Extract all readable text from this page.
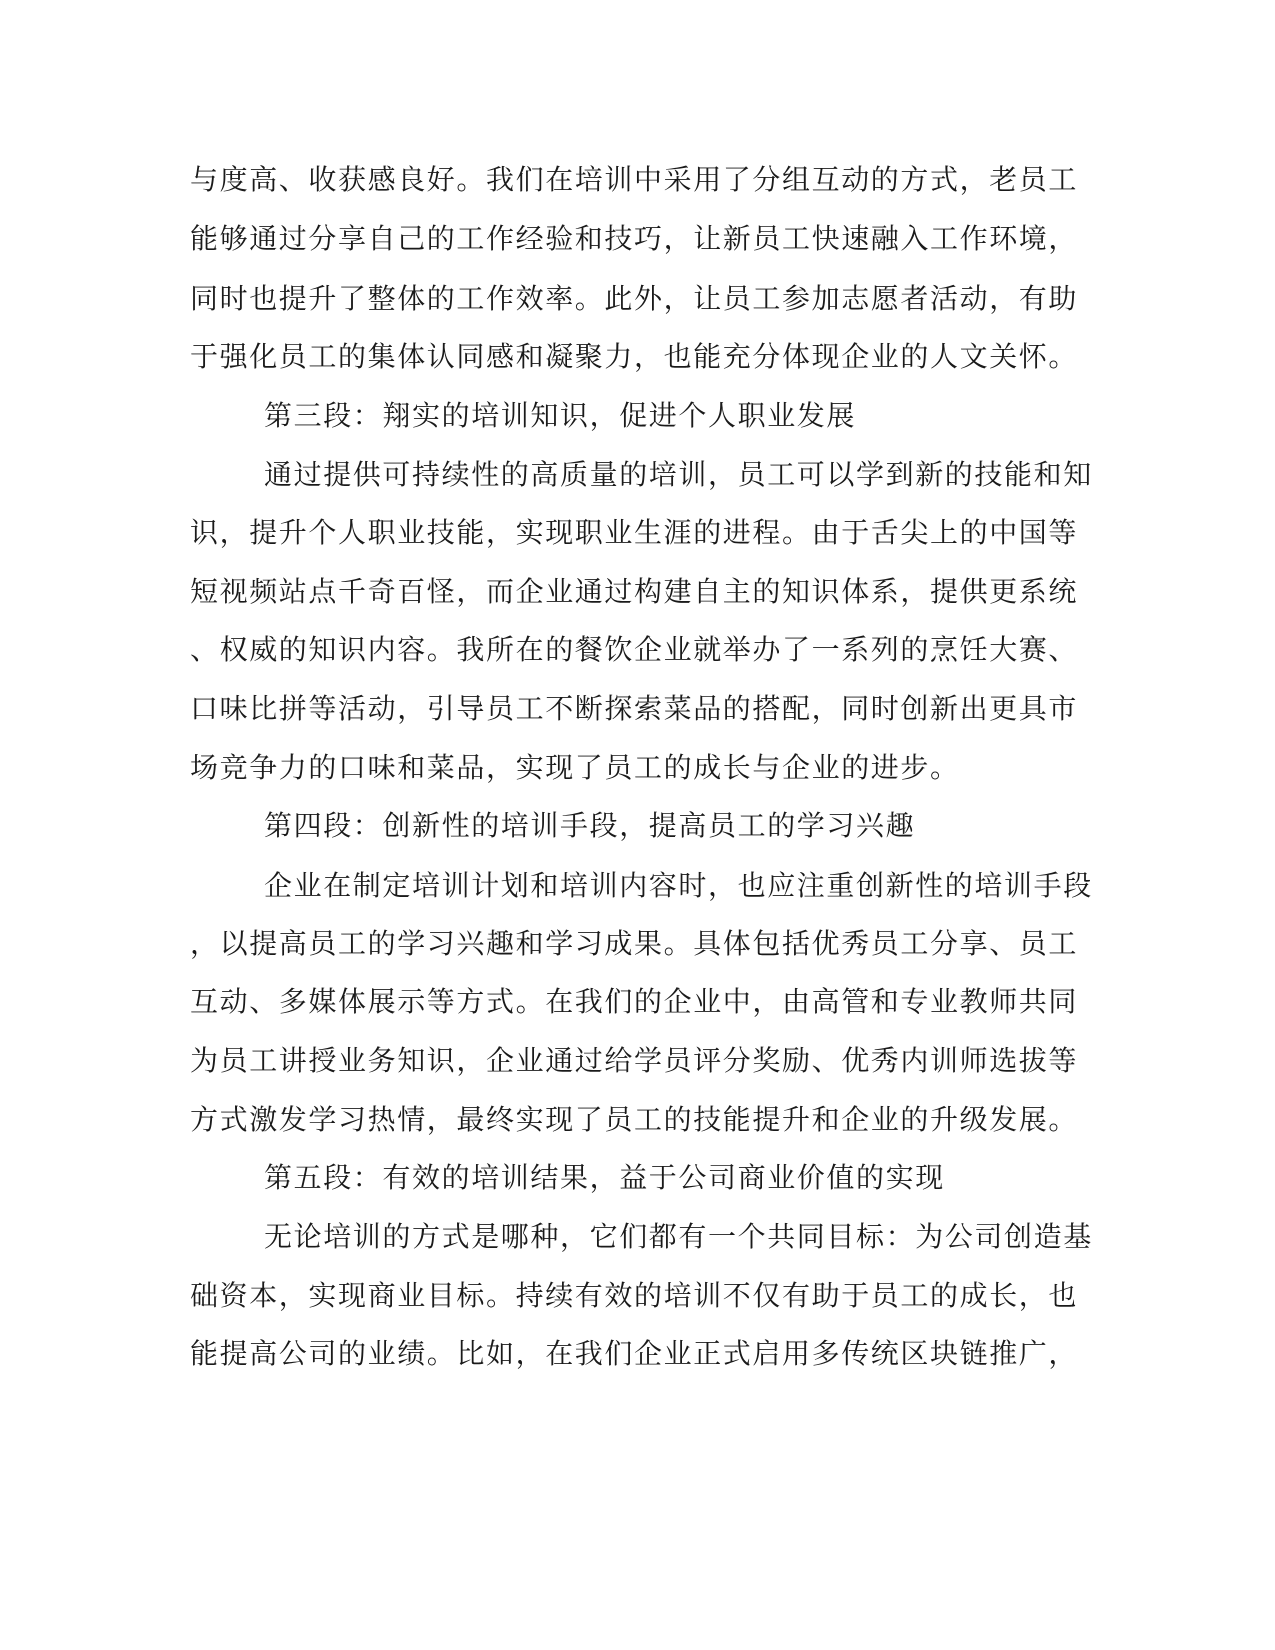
与度高、收获感良好。我们在培训中采用了分组互动的方式，老员工
能够通过分享自己的工作经验和技巧，让新员工快速融入工作环境，
同时也提升了整体的工作效率。此外，让员工参加志愿者活动，有助
于强化员工的集体认同感和凝聚力，也能充分体现企业的人文关怀。
第三段：翔实的培训知识，促进个人职业发展
通过提供可持续性的高质量的培训，员工可以学到新的技能和知
识，提升个人职业技能，实现职业生涯的进程。由于舌尖上的中国等
短视频站点千奇百怪，而企业通过构建自主的知识体系，提供更系统
、权威的知识内容。我所在的餐饮企业就举办了一系列的烹饪大赛、
口味比拼等活动，引导员工不断探索菜品的搭配，同时创新出更具市
场竞争力的口味和菜品，实现了员工的成长与企业的进步。
第四段：创新性的培训手段，提高员工的学习兴趣
企业在制定培训计划和培训内容时，也应注重创新性的培训手段
，以提高员工的学习兴趣和学习成果。具体包括优秀员工分享、员工
互动、多媒体展示等方式。在我们的企业中，由高管和专业教师共同
为员工讲授业务知识，企业通过给学员评分奖励、优秀内训师选拔等
方式激发学习热情，最终实现了员工的技能提升和企业的升级发展。
第五段：有效的培训结果，益于公司商业价值的实现
无论培训的方式是哪种，它们都有一个共同目标：为公司创造基
础资本，实现商业目标。持续有效的培训不仅有助于员工的成长，也
能提高公司的业绩。比如，在我们企业正式启用多传统区块链推广，
